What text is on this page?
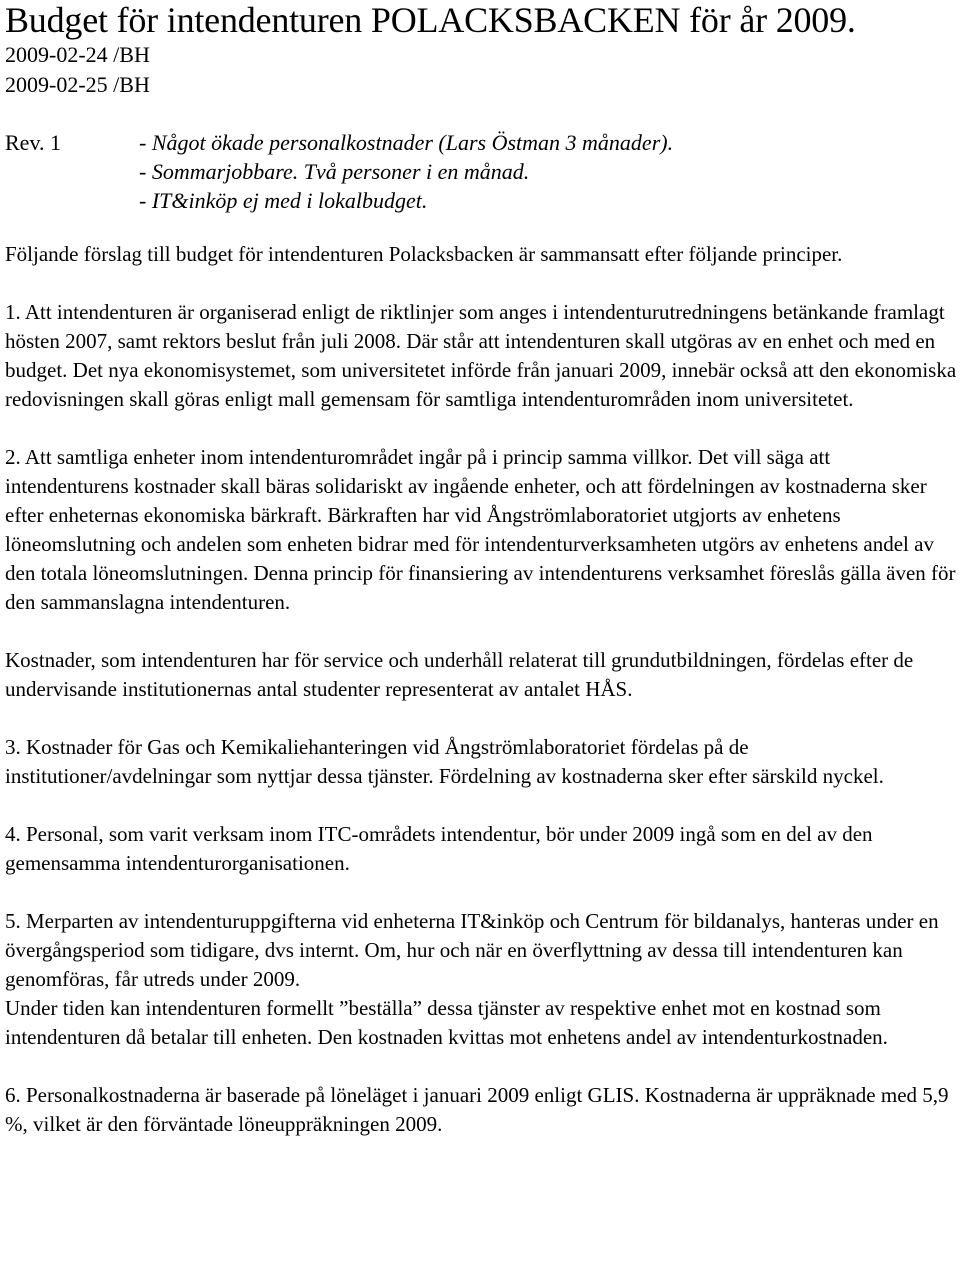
Budget för intendenturen POLACKSBACKEN för år 2009.
2009-02-24 /BH
2009-02-25 /BH
Rev. 1	- Något ökade personalkostnader (Lars Östman 3 månader).
- Sommarjobbare. Två personer i en månad.
- IT&inköp ej med i lokalbudget.

Följande förslag till budget för intendenturen Polacksbacken är sammansatt efter följande principer.

1. Att intendenturen är organiserad enligt de riktlinjer som anges i intendenturutredningens betänkande framlagt hösten 2007, samt rektors beslut från juli 2008. Där står att intendenturen skall utgöras av en enhet och med en budget. Det nya ekonomisystemet, som universitetet införde från januari 2009, innebär också att den ekonomiska redovisningen skall göras enligt mall gemensam för samtliga intendenturområden inom universitetet.

2. Att samtliga enheter inom intendenturområdet ingår på i princip samma villkor. Det vill säga att intendenturens kostnader skall bäras solidariskt av ingående enheter, och att fördelningen av kostnaderna sker efter enheternas ekonomiska bärkraft. Bärkraften har vid Ångströmlaboratoriet utgjorts av enhetens löneomslutning och andelen som enheten bidrar med för intendenturverksamheten utgörs av enhetens andel av den totala löneomslutningen. Denna princip för finansiering av intendenturens verksamhet föreslås gälla även för den sammanslagna intendenturen.

Kostnader, som intendenturen har för service och underhåll relaterat till grundutbildningen, fördelas efter de undervisande institutionernas antal studenter representerat av antalet HÅS.

3. Kostnader för Gas och Kemikaliehanteringen vid Ångströmlaboratoriet fördelas på de institutioner/avdelningar som nyttjar dessa tjänster. Fördelning av kostnaderna sker efter särskild nyckel.

4. Personal, som varit verksam inom ITC-områdets intendentur, bör under 2009 ingå som en del av den gemensamma intendenturorganisationen.

5. Merparten av intendenturuppgifterna vid enheterna IT&inköp och Centrum för bildanalys, hanteras under en övergångsperiod som tidigare, dvs internt. Om, hur och när en överflyttning av dessa till intendenturen kan genomföras, får utreds under 2009.

Under tiden kan intendenturen formellt ”beställa” dessa tjänster av respektive enhet mot en kostnad som intendenturen då betalar till enheten. Den kostnaden kvittas mot enhetens andel av intendenturkostnaden.

6. Personalkostnaderna är baserade på löneläget i januari 2009 enligt GLIS. Kostnaderna är uppräknade med 5,9 %, vilket är den förväntade löneuppräkningen 2009.
